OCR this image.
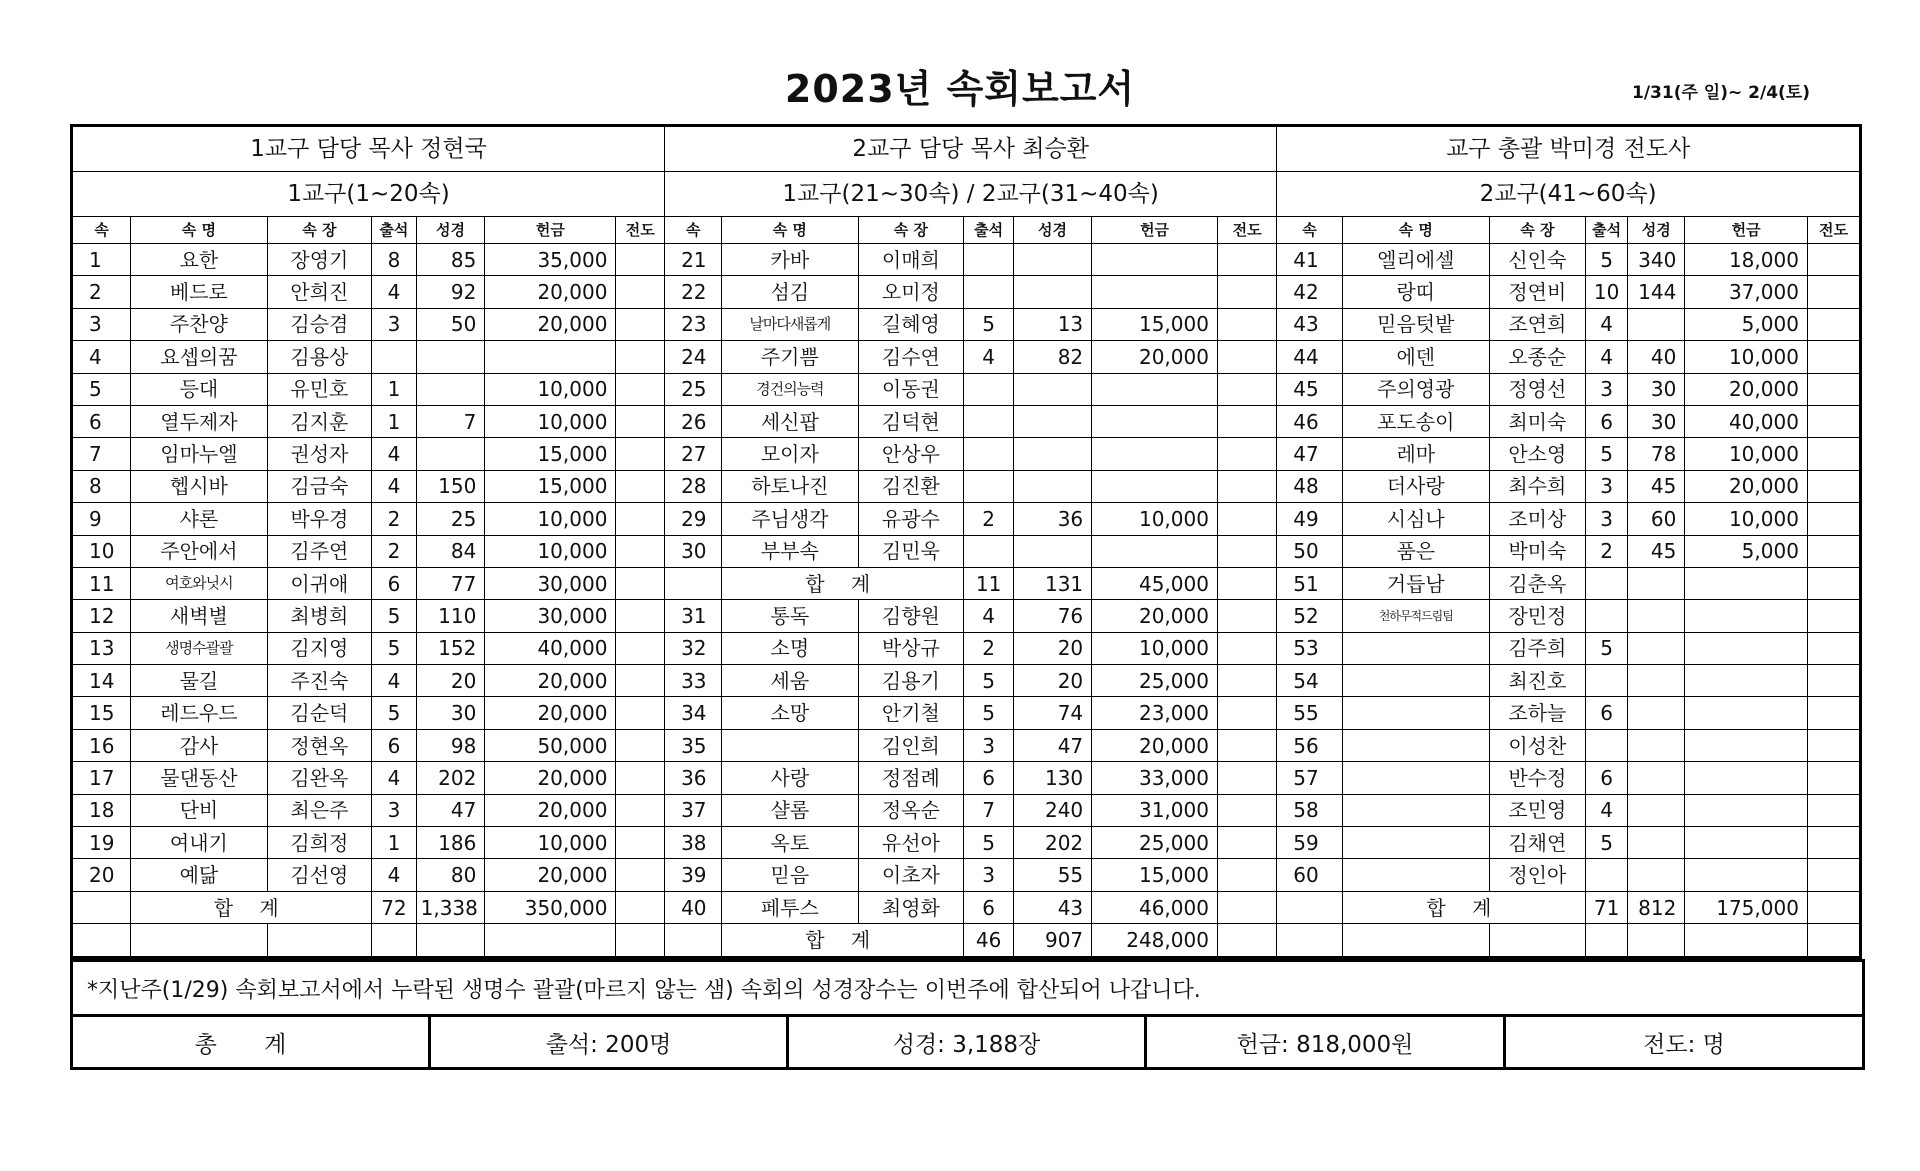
2023년 속회보고서	1/31(주 일)~ 2/4(토)
1교구 담당 목사 정현국							2교구 담당 목사 최승환							교구 총괄 박미경 전도사						
1교구(1~20속)							1교구(21~30속) / 2교구(31~40속)							2교구(41~60속)						
속	속 명	속 장	출석	성경	헌금	전도	속	속 명	속 장	출석	성경	헌금	전도	속	속 명	속 장	출석	성경	헌금	전도
1	요한	장영기	8	85	35,000		21	카바	이매희					41	엘리에셀	신인숙	5	340	18,000	
2	베드로	안희진	4	92	20,000		22	섬김	오미정					42	랑띠	정연비	10	144	37,000	
3	주찬양	김승겸	3	50	20,000		23	날마다새롭게	길혜영	5	13	15,000		43	믿음텃밭	조연희	4		5,000	
4	요셉의꿈	김용상					24	주기쁨	김수연	4	82	20,000		44	에덴	오종순	4	40	10,000	
5	등대	유민호	1		10,000		25	경건의능력	이동권					45	주의영광	정영선	3	30	20,000	
6	열두제자	김지훈	1	7	10,000		26	세신팝	김덕현					46	포도송이	최미숙	6	30	40,000	
7	임마누엘	권성자	4		15,000		27	모이자	안상우					47	레마	안소영	5	78	10,000	
8	헵시바	김금숙	4	150	15,000		28	하토나진	김진환					48	더사랑	최수희	3	45	20,000	
9	샤론	박우경	2	25	10,000		29	주님생각	유광수	2	36	10,000		49	시심나	조미상	3	60	10,000	
10	주안에서	김주연	2	84	10,000		30	부부속	김민욱					50	품은	박미숙	2	45	5,000	
11	여호와닛시	이귀애	6	77	30,000			합 계		11	131	45,000		51	거듭남	김춘옥				
12	새벽별	최병희	5	110	30,000		31	통독	김향원	4	76	20,000		52	천하무적드림팀	장민정				
13	생명수괄괄	김지영	5	152	40,000		32	소명	박상규	2	20	10,000		53		김주희	5			
14	물길	주진숙	4	20	20,000		33	세움	김용기	5	20	25,000		54		최진호				
15	레드우드	김순덕	5	30	20,000		34	소망	안기철	5	74	23,000		55		조하늘	6			
16	감사	정현옥	6	98	50,000		35		김인희	3	47	20,000		56		이성찬				
17	물댄동산	김완옥	4	202	20,000		36	사랑	정점례	6	130	33,000		57		반수정	6			
18	단비	최은주	3	47	20,000		37	샬롬	정옥순	7	240	31,000		58		조민영	4			
19	여내기	김희정	1	186	10,000		38	옥토	유선아	5	202	25,000		59		김채연	5			
20	예닮	김선영	4	80	20,000		39	믿음	이초자	3	55	15,000		60		정인아				
	합 계		72	1,338	350,000		40	페투스	최영화	6	43	46,000			합 계		71	812	175,000	
								합 계		46	907	248,000								
*지난주(1/29) 속회보고서에서 누락된 생명수 괄괄(마르지 않는 샘) 속회의 성경장수는 이번주에 합산되어 나갑니다.
총 계	출석: 200명	성경: 3,188장	헌금: 818,000원	전도: 명
